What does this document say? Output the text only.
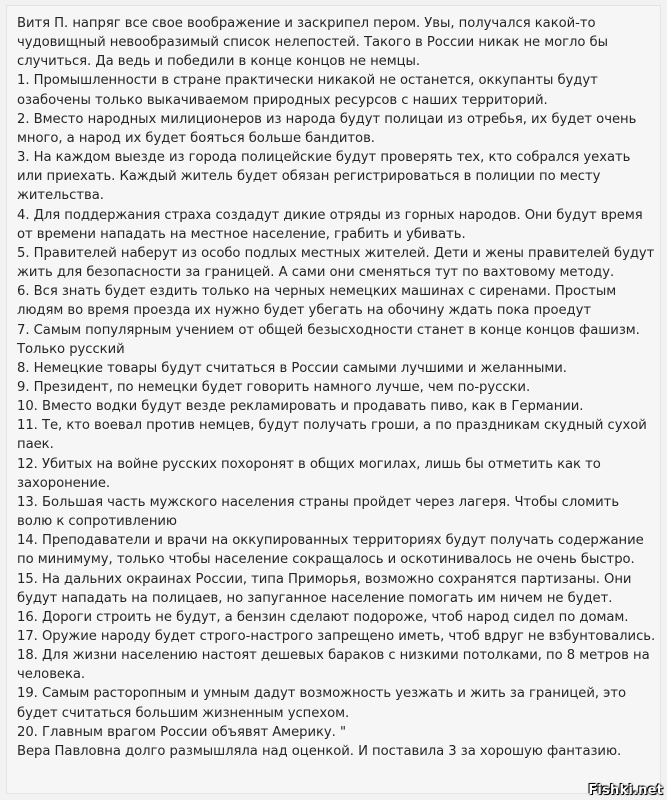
Витя П. напряг все свое воображение и заскрипел пером. Увы, получался какой-то чудовищный невообразимый список нелепостей. Такого в России никак не могло бы случиться. Да ведь и победили в конце концов не немцы.

1. Промышленности в стране практически никакой не останется, оккупанты будут озабочены только выкачиваемом природных ресурсов с наших территорий.

2. Вместо народных милиционеров из народа будут полицаи из отребья, их будет очень много, а народ их будет бояться больше бандитов.

3. На каждом выезде из города полицейские будут проверять тех, кто собрался уехать или приехать. Каждый житель будет обязан регистрироваться в полиции по месту жительства.

4. Для поддержания страха создадут дикие отряды из горных народов. Они будут время от времени нападать на местное население, грабить и убивать.

5. Правителей наберут из особо подлых местных жителей. Дети и жены правителей будут жить для безопасности за границей. А сами они сменяться тут по вахтовому методу.

6. Вся знать будет ездить только на черных немецких машинах с сиренами. Простым людям во время проезда их нужно будет убегать на обочину ждать пока проедут

7. Самым популярным учением от общей безысходности станет в конце концов фашизм. Только русский

8. Немецкие товары будут считаться в России самыми лучшими и желанными.

9. Президент, по немецки будет говорить намного лучше, чем по-русски.

10. Вместо водки будут везде рекламировать и продавать пиво, как в Германии.

11. Те, кто воевал против немцев, будут получать гроши, а по праздникам скудный сухой паек.

12. Убитых на войне русских похоронят в общих могилах, лишь бы отметить как то захоронение.

13. Большая часть мужского населения страны пройдет через лагеря. Чтобы сломить волю к сопротивлению

14. Преподаватели и врачи на оккупированных территориях будут получать содержание по минимуму, только чтобы население сокращалось и оскотинивалось не очень быстро.

15. На дальних окраинах России, типа Приморья, возможно сохранятся партизаны. Они будут нападать на полицаев, но запуганное население помогать им ничем не будет.

16. Дороги строить не будут, а бензин сделают подороже, чтоб народ сидел по домам.

17. Оружие народу будет строго-настрого запрещено иметь, чтоб вдруг не взбунтовались.

18. Для жизни населению настоят дешевых бараков с низкими потолками, по 8 метров на человека.

19. Самым расторопным и умным дадут возможность уезжать и жить за границей, это будет считаться большим жизненным успехом.

20. Главным врагом России объявят Америку. "

Вера Павловна долго размышляла над оценкой. И поставила 3 за хорошую фантазию.

Fishki.net
